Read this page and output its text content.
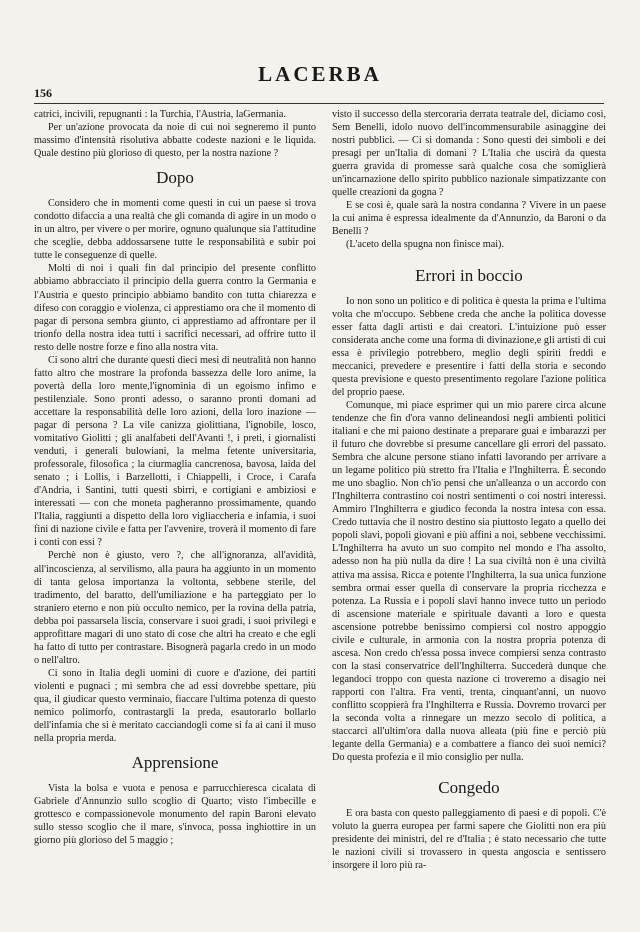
LACERBA
156

catrici, incivili, repugnanti : la Turchia, l'Austria, laGermania.

Per un'azione provocata da noie di cui noi segneremo il punto massimo d'intensità risolutiva abbatte codeste nazioni e le liquida. Quale destino più glorioso di questo, per la nostra nazione ?

Dopo

Considero che in momenti come questi in cui un paese si trova condotto difaccia a una realtà che gli comanda di agire in un modo o in un altro, per vivere o per morire, ognuno qualunque sia l'attitudine che sceglie, debba addossarsene tutte le responsabilità e subir poi tutte le conseguenze di quelle.

Molti di noi i quali fin dal principio del presente conflitto abbiamo abbracciato il principio della guerra contro la Germania e l'Austria e questo principio abbiamo bandito con tutta chiarezza e difeso con coraggio e violenza, ci apprestiamo ora che il momento di pagar di persona sembra giunto, ci apprestiamo ad affrontare per il trionfo della nostra idea tutti i sacrifici necessari, ad offrire tutto il resto delle nostre forze e fino alla nostra vita.

Ci sono altri che durante questi dieci mesi di neutralità non hanno fatto altro che mostrare la profonda bassezza delle loro anime, la povertà della loro mente,l'ignominia di un egoismo infimo e pestilenziale. Sono pronti adesso, o saranno pronti domani ad accettare la responsabilità delle loro azioni, della loro inazione — pagar di persona ? La vile canizza giolittiana, l'ignobile, losco, vomitativo Giolitti ; gli analfabeti dell'Avanti !, i preti, i giornalisti venduti, i generali bulowiani, la melma fetente universitaria, professorale, filosofica ; la ciurmaglia cancrenosa, bavosa, laida del senato ; i Lollis, i Barzellotti, i Chiappelli, i Croce, i Carafa d'Andria, i Santini, tutti questi sbirri, e cortigiani e ambiziosi e interessati — con che moneta pagheranno prossimamente, quando l'Italia, raggiunti a dispetto della loro vigliaccheria e infamia, i suoi fini di nazione civile e fatta per l'avvenire, troverà il momento di fare i conti con essi ?

Perchè non è giusto, vero ?, che all'ignoranza, all'avidità, all'incoscienza, al servilismo, alla paura ha aggiunto in un momento di tanta gelosa importanza la voltonta, sebbene sterile, del tradimento, del baratto, dell'umiliazione e ha parteggiato per lo straniero eterno e non più occulto nemico, per la rovina della patria, debba poi passarsela liscia, conservare i suoi gradi, i suoi privilegi e approfittare magari di uno stato di cose che altri ha creato e che egli ha fatto di tutto per contrastare. Bisognerà pagarla credo in un modo o nell'altro.

Ci sono in Italia degli uomini di cuore e d'azione, dei partiti violenti e pugnaci ; mi sembra che ad essi dovrebbe spettare, più qua, il giudicar questo verminaio, fiaccare l'ultima potenza di questo nemico polimorfo, contrastargli la preda, esautorarlo bollarlo dell'infamia che si è meritato cacciandogli come si fa ai cani il muso nella propria merda.

Apprensione

Vista la bolsa e vuota e penosa e parrucchieresca cicalata di Gabriele d'Annunzio sullo scoglio di Quarto; visto l'imbecille e grottesco e compassionevole monumento del rapin Baroni elevato sullo stesso scoglio che il mare, s'invoca, possa inghiottire in un giorno più glorioso del 5 maggio ;

visto il successo della stercoraria derrata teatrale del, diciamo così, Sem Benelli, idolo nuovo dell'incommensurabile asinaggine dei nostri pubblici. — Ci si domanda : Sono questi dei simboli e dei presagi per un'Italia di domani ? L'Italia che uscirà da questa guerra gravida di promesse sarà qualche cosa che somiglierà un'incarnazione dello spirito pubblico nazionale simpatizzante con quelle creazioni da gogna ?

E se così è, quale sarà la nostra condanna ? Vivere in un paese la cui anima è espressa idealmente da d'Annunzio, da Baroni o da Benelli ?

(L'aceto della spugna non finisce mai).

Errori in boccio

Io non sono un politico e di politica è questa la prima e l'ultima volta che m'occupo. Sebbene creda che anche la politica dovesse esser fatta dagli artisti e dai creatori. L'intuizione può esser considerata anche come una forma di divinazione,e gli artisti di cui essa è privilegio potrebbero, meglio degli spiriti freddi e meccanici, prevedere e presentire i fatti della storia e secondo questa previsione e questo presentimento regolare l'azione politica del proprio paese.

Comunque, mi piace esprimer qui un mio parere circa alcune tendenze che fin d'ora vanno delineandosi negli ambienti politici italiani e che mi paiono destinate a preparare guai e imbarazzi per il futuro che dovrebbe si presume cancellare gli errori del passato. Sembra che alcune persone stiano infatti lavorando per arrivare a un legame politico più stretto fra l'Italia e l'Inghilterra. È secondo me uno sbaglio. Non ch'io pensi che un'alleanza o un accordo con l'Inghilterra contrastino coi nostri sentimenti o coi nostri interessi. Ammiro l'Inghilterra e giudico feconda la nostra intesa con essa. Credo tuttavia che il nostro destino sia piuttosto legato a quello dei popoli slavi, popoli giovani e più affini a noi, sebbene vecchissimi. L'Inghilterra ha avuto un suo compito nel mondo e l'ha assolto, adesso non ha più nulla da dire ! La sua civiltà non è una civiltà attiva ma assisa. Ricca e potente l'Inghilterra, la sua unica funzione sembra ormai esser quella di conservare la propria ricchezza e potenza. La Russia e i popoli slavi hanno invece tutto un periodo di ascensione materiale e spirituale davanti a loro e questa ascensione potrebbe benissimo compiersi col nostro appoggio civile e culturale, in armonia con la nostra propria potenza di ascesa. Non credo ch'essa possa invece compiersi senza contrasto con la stasi conservatrice dell'Inghilterra. Succederà dunque che legandoci troppo con questa nazione ci troveremo a disagio nei rapporti con l'altra. Fra venti, trenta, cinquant'anni, un nuovo conflitto scoppierà fra l'Inghilterra e Russia. Dovremo trovarci per la seconda volta a rinnegare un mezzo secolo di politica, a staccarci all'ultim'ora dalla nuova alleata (più fine e perciò più legante della Germania) e a combattere a fianco dei suoi nemici? Do questa profezia e il mio consiglio per nulla.

Congedo

E ora basta con questo palleggiamento di paesi e di popoli. C'è voluto la guerra europea per farmi sapere che Giolitti non era più presidente dei ministri, del re d'Italia ; è stato necessario che tutte le nazioni civili si trovassero in questa angoscia e sentissero insorgere il loro più ra-
